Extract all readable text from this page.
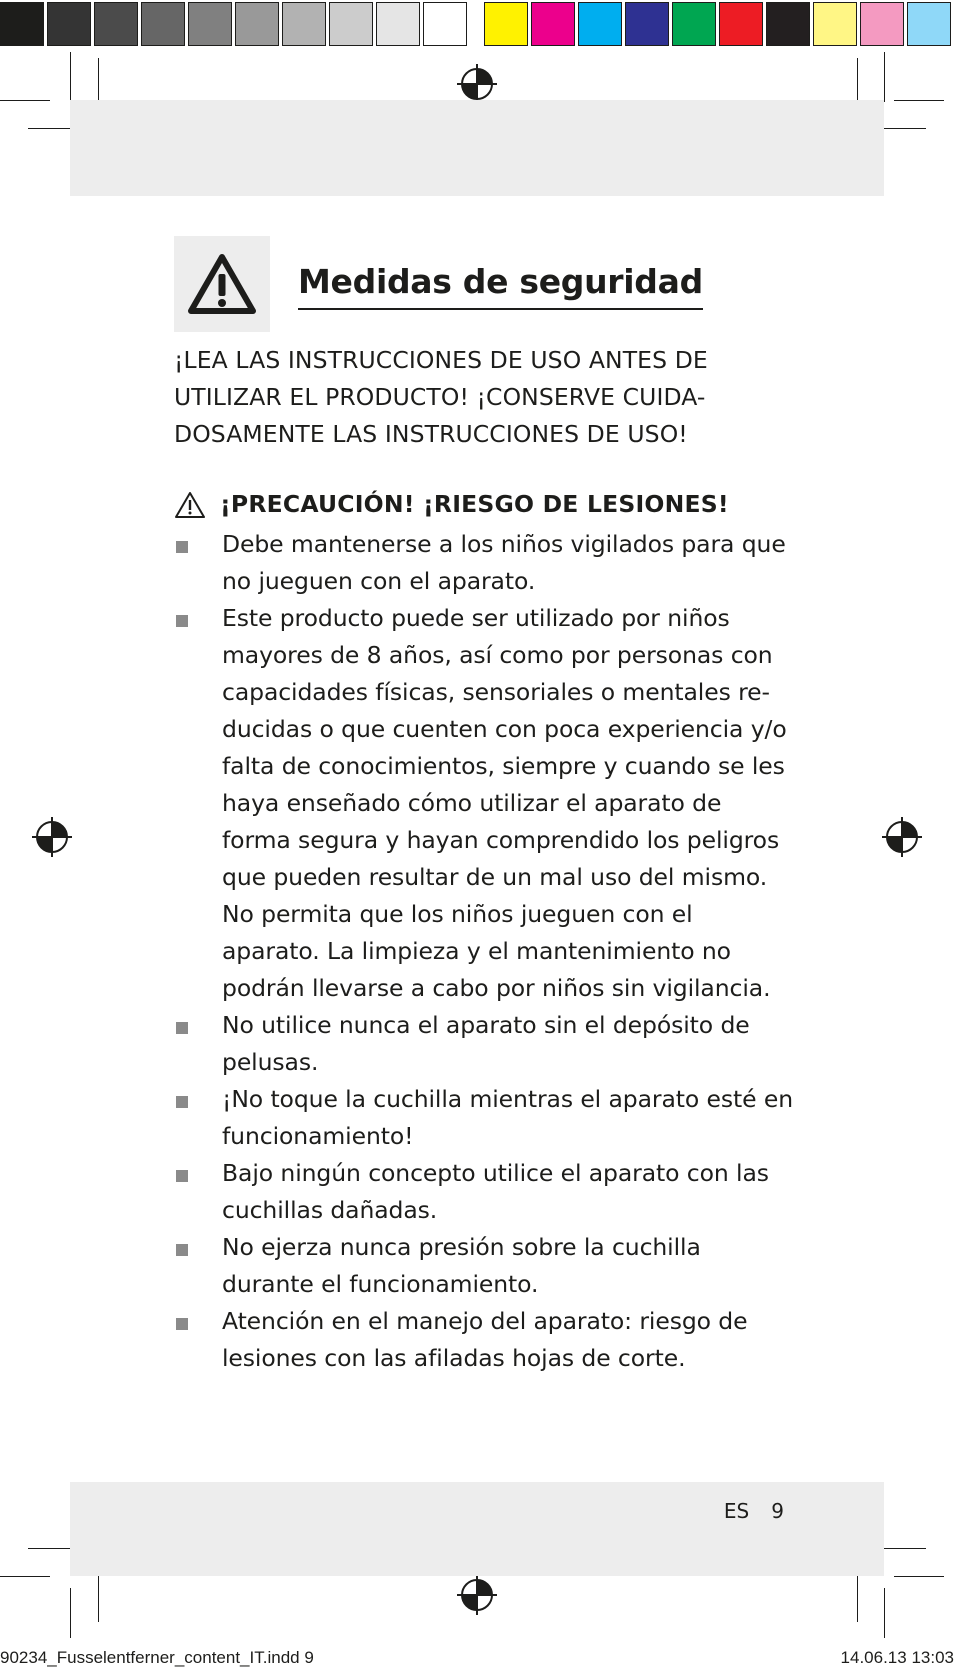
Medidas de seguridad

¡LEA LAS INSTRUCCIONES DE USO ANTES DE UTILIZAR EL PRODUCTO! ¡CONSERVE CUIDA-DOSAMENTE LAS INSTRUCCIONES DE USO!

¡PRECAUCIÓN! ¡RIESGO DE LESIONES!
Debe mantenerse a los niños vigilados para que no jueguen con el aparato.
Este producto puede ser utilizado por niños mayores de 8 años, así como por personas con capacidades físicas, sensoriales o mentales re-ducidas o que cuenten con poca experiencia y/o falta de conocimientos, siempre y cuando se les haya enseñado cómo utilizar el aparato de forma segura y hayan comprendido los peligros que pueden resultar de un mal uso del mismo. No permita que los niños jueguen con el aparato. La limpieza y el mantenimiento no podrán llevarse a cabo por niños sin vigilancia.
No utilice nunca el aparato sin el depósito de pelusas.
¡No toque la cuchilla mientras el aparato esté en funcionamiento!
Bajo ningún concepto utilice el aparato con las cuchillas dañadas.
No ejerza nunca presión sobre la cuchilla durante el funcionamiento.
Atención en el manejo del aparato: riesgo de lesiones con las afiladas hojas de corte.
ES 9
90234_Fusselentferner_content_IT.indd 9	14.06.13 13:03
